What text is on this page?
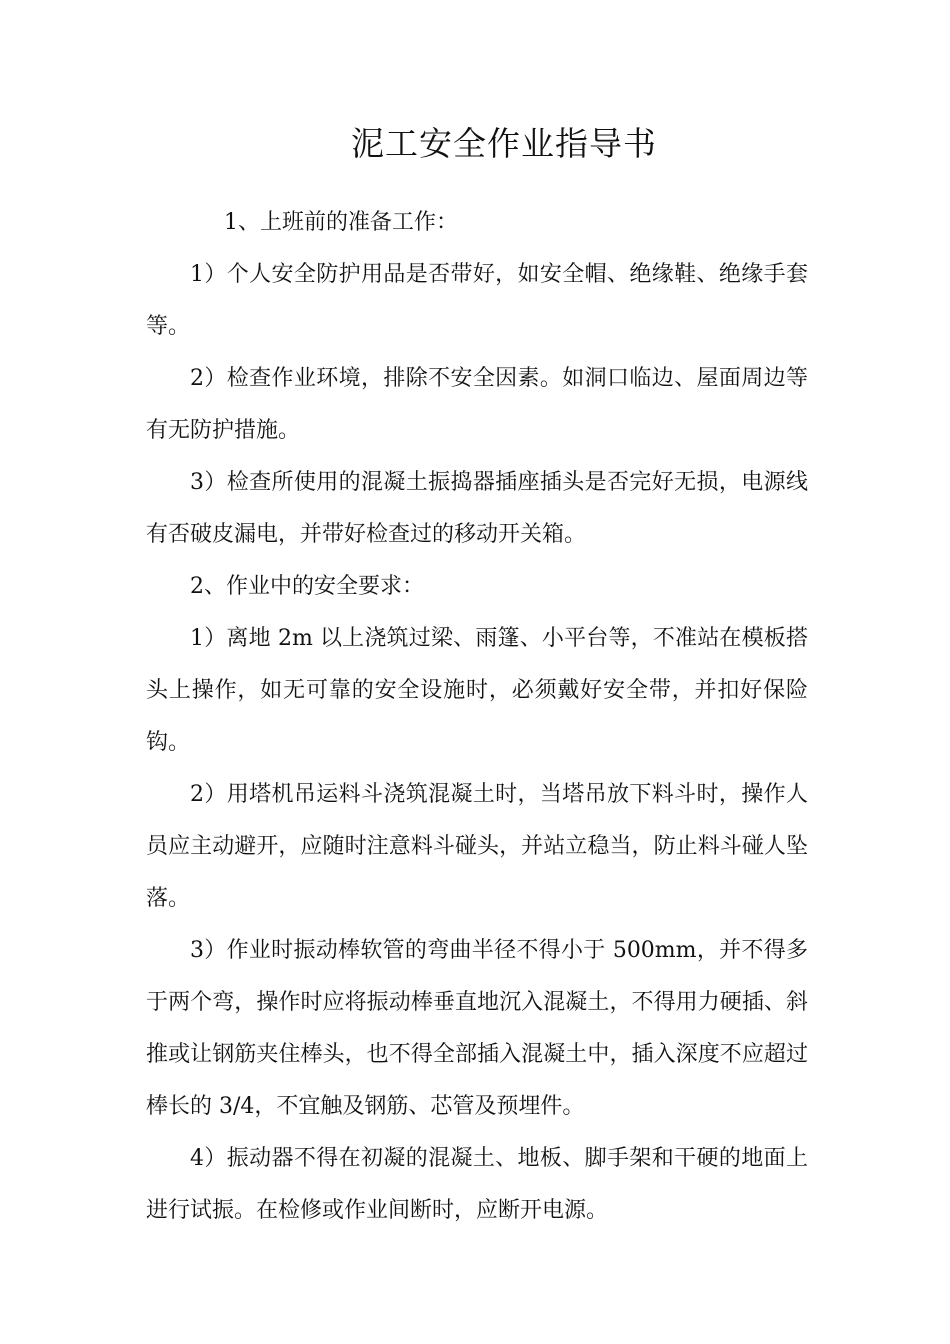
泥工安全作业指导书

1、上班前的准备工作：

1）个人安全防护用品是否带好，如安全帽、绝缘鞋、绝缘手套等。

2）检查作业环境，排除不安全因素。如洞口临边、屋面周边等有无防护措施。

3）检查所使用的混凝土振捣器插座插头是否完好无损，电源线有否破皮漏电，并带好检查过的移动开关箱。

2、作业中的安全要求：

1）离地 2m 以上浇筑过梁、雨篷、小平台等，不准站在模板搭头上操作，如无可靠的安全设施时，必须戴好安全带，并扣好保险钩。

2）用塔机吊运料斗浇筑混凝土时，当塔吊放下料斗时，操作人员应主动避开，应随时注意料斗碰头，并站立稳当，防止料斗碰人坠落。

3）作业时振动棒软管的弯曲半径不得小于 500mm，并不得多于两个弯，操作时应将振动棒垂直地沉入混凝土，不得用力硬插、斜推或让钢筋夹住棒头，也不得全部插入混凝土中，插入深度不应超过棒长的 3/4，不宜触及钢筋、芯管及预埋件。

4）振动器不得在初凝的混凝土、地板、脚手架和干硬的地面上进行试振。在检修或作业间断时，应断开电源。
